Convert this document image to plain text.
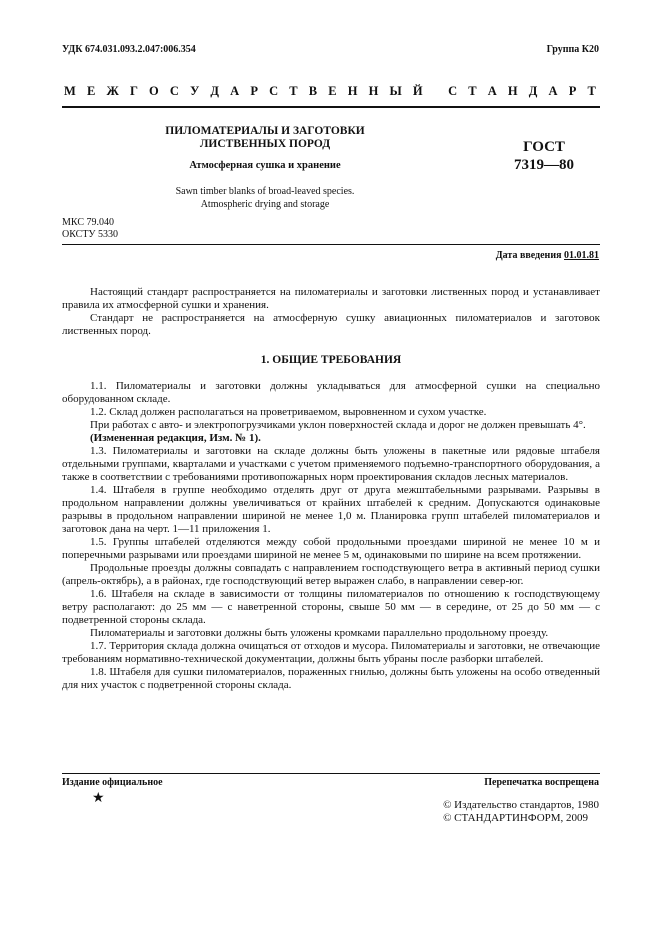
УДК 674.031.093.2.047:006.354	Группа К20
М Е Ж Г О С У Д А Р С Т В Е Н Н Ы Й
С Т А Н Д А Р Т
ПИЛОМАТЕРИАЛЫ И ЗАГОТОВКИ
ЛИСТВЕННЫХ ПОРОД
Атмосферная сушка и хранение
Sawn timber blanks of broad-leaved species.
Atmospheric drying and storage
ГОСТ
7319—80
МКС 79.040
ОКСТУ 5330
Дата введения 01.01.81

Настоящий стандарт распространяется на пиломатериалы и заготовки лиственных пород и устанавливает правила их атмосферной сушки и хранения.

Стандарт не распространяется на атмосферную сушку авиационных пиломатериалов и заготовок лиственных пород.

1. ОБЩИЕ ТРЕБОВАНИЯ

1.1. Пиломатериалы и заготовки должны укладываться для атмосферной сушки на специально оборудованном складе.

1.2. Склад должен располагаться на проветриваемом, выровненном и сухом участке.

При работах с авто- и электропогрузчиками уклон поверхностей склада и дорог не должен превышать 4°.

(Измененная редакция, Изм. № 1).

1.3. Пиломатериалы и заготовки на складе должны быть уложены в пакетные или рядовые штабеля отдельными группами, кварталами и участками с учетом применяемого подъемно-транспортного оборудования, а также в соответствии с требованиями противопожарных норм проектирования складов лесных материалов.

1.4. Штабеля в группе необходимо отделять друг от друга межштабельными разрывами. Разрывы в продольном направлении должны увеличиваться от крайних штабелей к средним. Допускаются одинаковые разрывы в продольном направлении шириной не менее 1,0 м. Планировка групп штабелей пиломатериалов и заготовок дана на черт. 1—11 приложения 1.

1.5. Группы штабелей отделяются между собой продольными проездами шириной не менее 10 м и поперечными разрывами или проездами шириной не менее 5 м, одинаковыми по ширине на всем протяжении.

Продольные проезды должны совпадать с направлением господствующего ветра в активный период сушки (апрель-октябрь), а в районах, где господствующий ветер выражен слабо, в направлении север-юг.

1.6. Штабеля на складе в зависимости от толщины пиломатериалов по отношению к господствующему ветру располагают: до 25 мм — с наветренной стороны, свыше 50 мм — в середине, от 25 до 50 мм — с подветренной стороны склада.

Пиломатериалы и заготовки должны быть уложены кромками параллельно продольному проезду.

1.7. Территория склада должна очищаться от отходов и мусора. Пиломатериалы и заготовки, не отвечающие требованиям нормативно-технической документации, должны быть убраны после разборки штабелей.

1.8. Штабеля для сушки пиломатериалов, пораженных гнилью, должны быть уложены на особо отведенный для них участок с подветренной стороны склада.

Издание официальное	Перепечатка воспрещена
★	© Издательство стандартов, 1980
© СТАНДАРТИНФОРМ, 2009
